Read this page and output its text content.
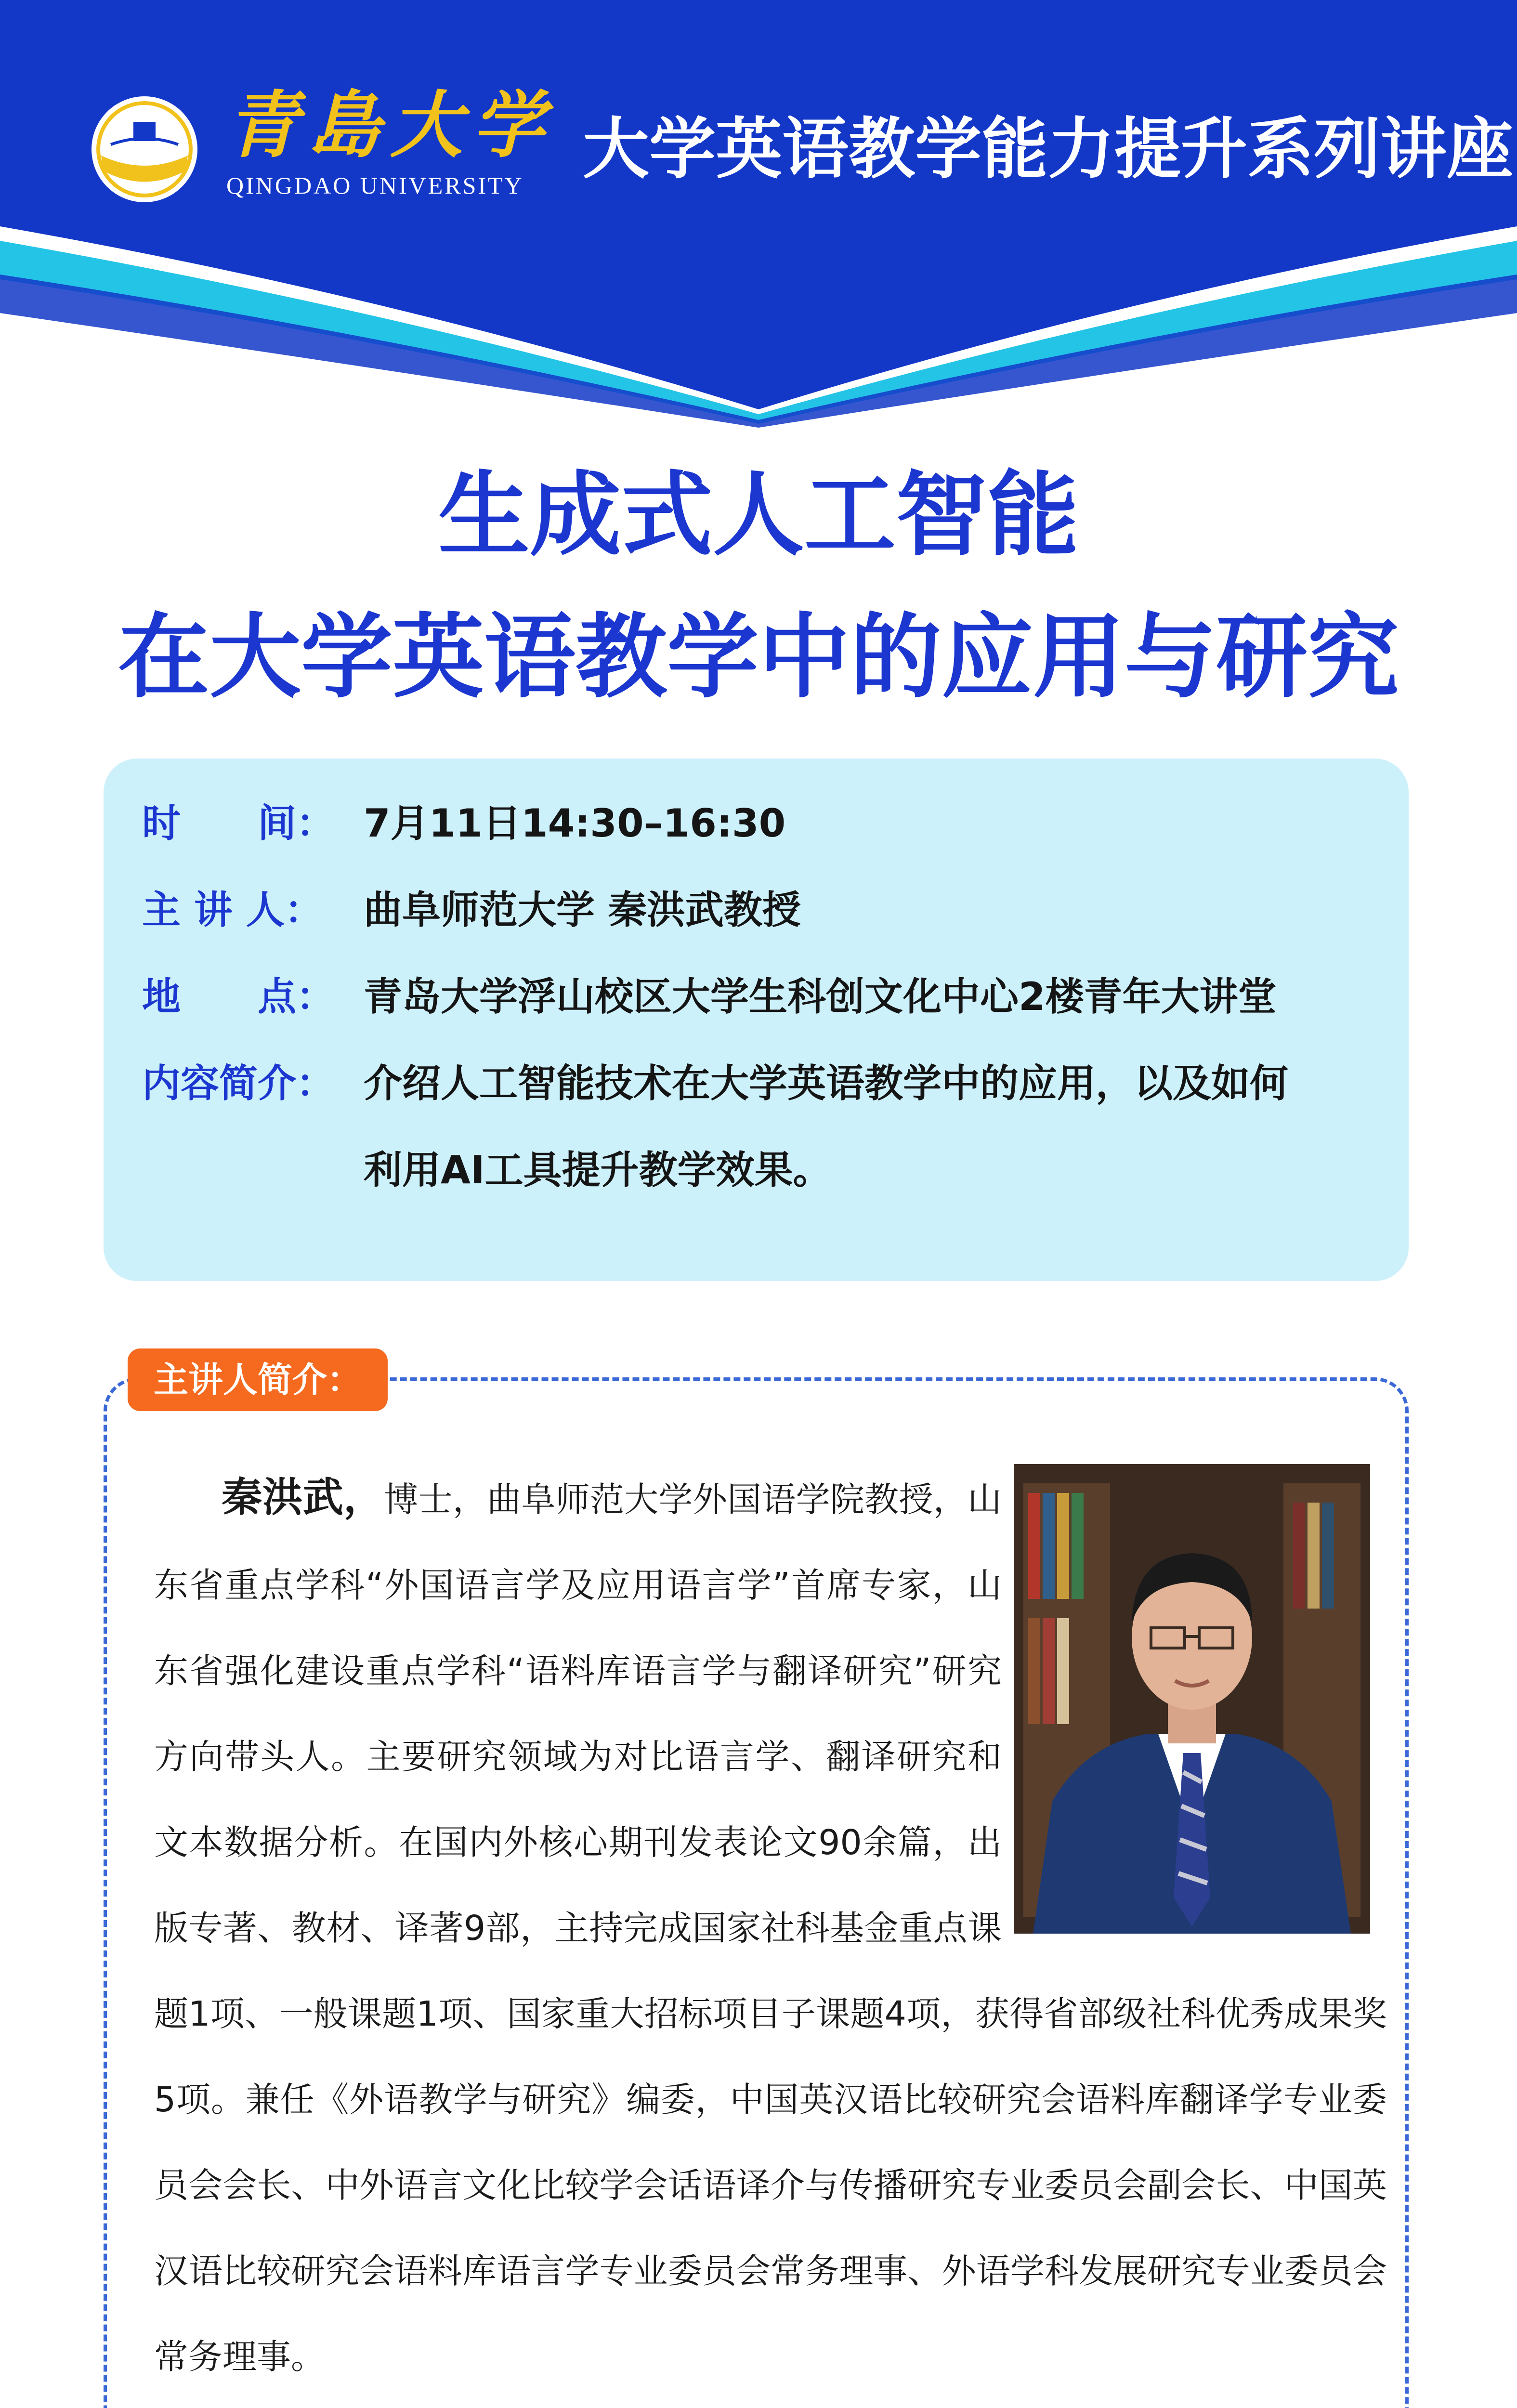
青島大学
QINGDAO UNIVERSITY 大学英语教学能力提升系列讲座
生成式人工智能
在大学英语教学中的应用与研究
时　　间： 7月11日14:30–16:30
主 讲 人： 曲阜师范大学 秦洪武教授
地　　点： 青岛大学浮山校区大学生科创文化中心2楼青年大讲堂
内容简介： 介绍人工智能技术在大学英语教学中的应用，以及如何
利用AI工具提升教学效果。
主讲人简介：
秦洪武，博士，曲阜师范大学外国语学院教授，山东省重点学科“外国语言学及应用语言学”首席专家，山东省强化建设重点学科“语料库语言学与翻译研究”研究方向带头人。主要研究领域为对比语言学、翻译研究和文本数据分析。在国内外核心期刊发表论文90余篇，出版专著、教材、译著9部，主持完成国家社科基金重点课题1项、一般课题1项、国家重大招标项目子课题4项，获得省部级社科优秀成果奖5项。兼任《外语教学与研究》编委，中国英汉语比较研究会语料库翻译学专业委员会会长、中外语言文化比较学会话语译介与传播研究专业委员会副会长、中国英汉语比较研究会语料库语言学专业委员会常务理事、外语学科发展研究专业委员会常务理事。
